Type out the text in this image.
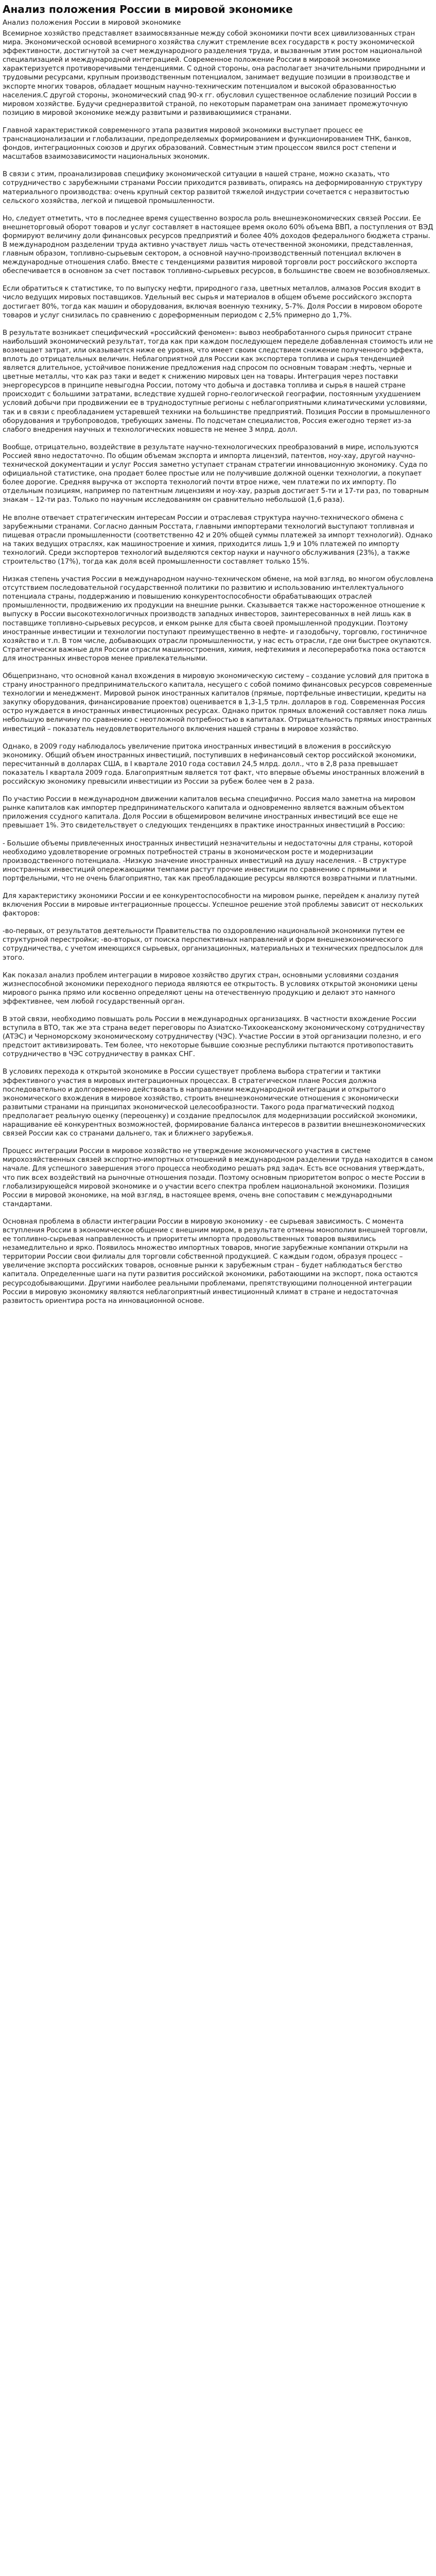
Анализ положения России в мировой экономике
Анализ положения России в мировой экономике

Всемирное хозяйство представляет взаимосвязанные между собой экономики почти всех цивилизованных стран мира. Экономической основой всемирного хозяйства служит стремление всех государств к росту экономической эффективности, достигнутой за счет международного разделения труда, и вызванным этим ростом национальной специализацией и международной интеграцией. Современное положение России в мировой экономике характеризуется противоречивыми тенденциями. С одной стороны, она располагает значительными природными и трудовыми ресурсами, крупным производственным потенциалом, занимает ведущие позиции в производстве и экспорте многих товаров, обладает мощным научно-техническим потенциалом и высокой образованностью населения.С другой стороны, экономический спад 90-х гг. обусловил существенное ослабление позиций России в мировом хозяйстве. Будучи среднеразвитой страной, по некоторым параметрам она занимает промежуточную позицию в мировой экономике между развитыми и развивающимися странами.

Главной характеристикой современного этапа развития мировой экономики выступает процесс ее транснационализации и глобализации, предопределяемых формированием и функционированием ТНК, банков, фондов, интеграционных союзов и других образований. Совместным этим процессом явился рост степени и масштабов взаимозависимости национальных экономик.

В связи с этим, проанализировав специфику экономической ситуации в нашей стране, можно сказать, что сотрудничество с зарубежными странами России приходится развивать, опираясь на деформированную структуру материального производства: очень крупный сектор развитой тяжелой индустрии сочетается с неразвитостью сельского хозяйства, легкой и пищевой промышленности.

Но, следует отметить, что в последнее время существенно возросла роль внешнеэкономических связей России. Ее внешнеторговый оборот товаров и услуг составляет в настоящее время около 60% объема ВВП, а поступления от ВЭД формируют величину доли финансовых ресурсов предприятий и более 40% доходов федерального бюджета страны. В международном разделении труда активно участвует лишь часть отечественной экономики, представленная, главным образом, топливно-сырьевым сектором, а основной научно-производственный потенциал включен в международные отношения слабо. Вместе с тенденциями развития мировой торговли рост российского экспорта обеспечивается в основном за счет поставок топливно-сырьевых ресурсов, в большинстве своем не возобновляемых.

Если обратиться к статистике, то по выпуску нефти, природного газа, цветных металлов, алмазов Россия входит в число ведущих мировых поставщиков. Удельный вес сырья и материалов в общем объеме российского экспорта достигает 80%, тогда как машин и оборудования, включая военную технику, 5-7%. Доля России в мировом обороте товаров и услуг снизилась по сравнению с дореформенным периодом с 2,5% примерно до 1,7%.

В результате возникает специфический «российский феномен»: вывоз необработанного сырья приносит стране наибольший экономический результат, тогда как при каждом последующем переделе добавленная стоимость или не возмещает затрат, или оказывается ниже ее уровня, что имеет своим следствием снижение полученного эффекта, вплоть до отрицательных величин. Неблагоприятной для России как экспортера топлива и сырья тенденцией является длительное, устойчивое понижение предложения над спросом по основным товарам :нефть, черные и цветные металлы, что как раз таки и ведет к снижению мировых цен на товары. Интеграция через поставки энергоресурсов в принципе невыгодна России, потому что добыча и доставка топлива и сырья в нашей стране происходит с большими затратами, вследствие худшей горно-геологической географии, постоянным ухудшением условий добычи при продвижении ее в труднодоступные регионы с неблагоприятными климатическими условиями, так и в связи с преобладанием устаревшей техники на большинстве предприятий. Позиция России в промышленного оборудования и трубопроводов, требующих замены. По подсчетам специалистов, Россия ежегодно теряет из-за слабого внедрения научных и технологических новшеств не менее 3 млрд. долл.

Вообще, отрицательно, воздействие в результате научно-технологических преобразований в мире, используются Россией явно недостаточно. По общим объемам экспорта и импорта лицензий, патентов, ноу-хау, другой научно-технической документации и услуг Россия заметно уступает странам стратегии инновационную экономику. Суда по официальной статистике, она продает более простые или не получившие должной оценки технологии, а покупает более дорогие. Средняя выручка от экспорта технологий почти втрое ниже, чем платежи по их импорту. По отдельным позициям, например по патентным лицензиям и ноу-хау, разрыв достигает 5-ти и 17-ти раз, по товарным знакам – 12-ти раз. Только по научным исследованиям он сравнительно небольшой (1,6 раза).

Не вполне отвечает стратегическим интересам России и отраслевая структура научно-технического обмена с зарубежными странами. Согласно данным Росстата, главными импортерами технологий выступают топливная и пищевая отрасли промышленности (соответственно 42 и 20% общей суммы платежей за импорт технологий). Однако на таких ведущих отраслях, как машиностроение и химия, приходится лишь 1,9 и 10% платежей по импорту технологий. Среди экспортеров технологий выделяются сектор науки и научного обслуживания (23%), а также строительство (17%), тогда как доля всей промышленности составляет только 15%.

Низкая степень участия России в международном научно-техническом обмене, на мой взгляд, во многом обусловлена отсутствием последовательной государственной политики по развитию и использованию интеллектуального потенциала страны, поддержанию и повышению конкурентоспособности обрабатывающих отраслей промышленности, продвижению их продукции на внешние рынки. Сказывается также настороженное отношение к выпуску в России высокотехнологичных производств западных инвесторов, заинтересованных в ней лишь как в поставщике топливно-сырьевых ресурсов, и емком рынке для сбыта своей промышленной продукции. Поэтому иностранные инвестиции и технологии поступают преимущественно в нефте- и газодобычу, торговлю, гостиничное хозяйство и т.п. В том числе, добывающих отрасли промышленности, у нас есть отрасли, где они быстрее окупаются. Стратегически важные для России отрасли машиностроения, химия, нефтехимия и лесопереработка пока остаются для иностранных инвесторов менее привлекательными.

Общепризнано, что основной канал вхождения в мировую экономическую систему – создание условий для притока в страну иностранного предпринимательского капитала, несущего с собой помимо финансовых ресурсов современные технологии и менеджмент. Мировой рынок иностранных капиталов (прямые, портфельные инвестиции, кредиты на закупку оборудования, финансирование проектов) оценивается в 1,3-1,5 трлн. долларов в год. Современная Россия остро нуждается в иностранных инвестиционных ресурсах. Однако приток прямых вложений составляет пока лишь небольшую величину по сравнению с неотложной потребностью в капиталах. Отрицательность прямых иностранных инвестиций – показатель неудовлетворительного включения нашей страны в мировое хозяйство.

Однако, в 2009 году наблюдалось увеличение притока иностранных инвестиций в вложения в российскую экономику. Общий объем иностранных инвестиций, поступивших в нефинансовый сектор российской экономики, пересчитанный в долларах США, в I квартале 2010 года составил 24,5 млрд. долл., что в 2,8 раза превышает показатель I квартала 2009 года. Благоприятным является тот факт, что впервые объемы иностранных вложений в российскую экономику превысили инвестиции из России за рубеж более чем в 2 раза.

По участию России в международном движении капиталов весьма специфично. Россия мало заметна на мировом рынке капиталов как импортер предпринимательского капитала и одновременно является важным объектом приложения ссудного капитала. Доля России в общемировом величине иностранных инвестиций все еще не превышает 1%. Это свидетельствует о следующих тенденциях в практике иностранных инвестиций в Россию:

- Большие объемы привлеченных иностранных инвестиций незначительны и недостаточны для страны, которой необходимо удовлетворение огромных потребностей страны в экономическом росте и модернизации производственного потенциала. -Низкую значение иностранных инвестиций на душу населения. - В структуре иностранных инвестиций опережающими темпами растут прочие инвестиции по сравнению с прямыми и портфельными, что не очень благоприятно, так как преобладающие ресурсы являются возвратными и платными.

Для характеристику экономики России и ее конкурентоспособности на мировом рынке, перейдем к анализу путей включения России в мировые интеграционные процессы. Успешное решение этой проблемы зависит от нескольких факторов:

-во-первых, от результатов деятельности Правительства по оздоровлению национальной экономики путем ее структурной перестройки; -во-вторых, от поиска перспективных направлений и форм внешнеэкономического сотрудничества, с учетом имеющихся сырьевых, организационных, материальных и технических предпосылок для этого.

Как показал анализ проблем интеграции в мировое хозяйство других стран, основными условиями создания жизнеспособной экономики переходного периода являются ее открытость. В условиях открытой экономики цены мирового рынка прямо или косвенно определяют цены на отечественную продукцию и делают это намного эффективнее, чем любой государственный орган.

В этой связи, необходимо повышать роль России в международных организациях. В частности вхождение России вступила в ВТО, так же эта страна ведет переговоры по Азиатско-Тихоокеанскому экономическому сотрудничеству (АТЭС) и Черноморскому экономическому сотрудничеству (ЧЭС). Участие России в этой организации полезно, и его предстоит активизировать. Тем более, что некоторые бывшие союзные республики пытаются противопоставить сотрудничество в ЧЭС сотрудничеству в рамках СНГ.

В условиях перехода к открытой экономике в России существует проблема выбора стратегии и тактики эффективного участия в мировых интеграционных процессах. В стратегическом плане Россия должна последовательно и долговременно действовать в направлении международной интеграции и открытого экономического вхождения в мировое хозяйство, строить внешнеэкономические отношения с экономически развитыми странами на принципах экономической целесообразности. Такого рода прагматический подход предполагает реальную оценку (переоценку) и создание предпосылок для модернизации российской экономики, наращивание её конкурентных возможностей, формирование баланса интересов в развитии внешнеэкономических связей России как со странами дальнего, так и ближнего зарубежья.

Процесс интеграции России в мировое хозяйство не утверждение экономического участия в системе мирохозяйственных связей экспортно-импортных отношений в международном разделении труда находится в самом начале. Для успешного завершения этого процесса необходимо решать ряд задач. Есть все основания утверждать, что пик всех воздействий на рыночные отношения позади. Поэтому основным приоритетом вопрос о месте России в глобализирующейся мировой экономике и о участии всего спектра проблем национальной экономики. Позиция России в мировой экономике, на мой взгляд, в настоящее время, очень вне сопоставим с международными стандартами.

Основная проблема в области интеграции России в мировую экономику - ее сырьевая зависимость. С момента вступления России в экономическое общение с внешним миром, в результате отмены монополии внешней торговли, ее топливно-сырьевая направленность и приоритеты импорта продовольственных товаров выявились незамедлительно и ярко. Появилось множество импортных товаров, многие зарубежные компании открыли на территории России свои филиалы для торговли собственной продукцией. С каждым годом, образуя процесс – увеличение экспорта российских товаров, основные рынки к зарубежным стран – будет наблюдаться бегство капитала. Определенные шаги на пути развития российской экономики, работающими на экспорт, пока остаются ресурсодобывающими. Другими наиболее реальными проблемами, препятствующими полноценной интеграции России в мировую экономику являются неблагоприятный инвестиционный климат в стране и недостаточная развитость ориентира роста на инновационной основе.
